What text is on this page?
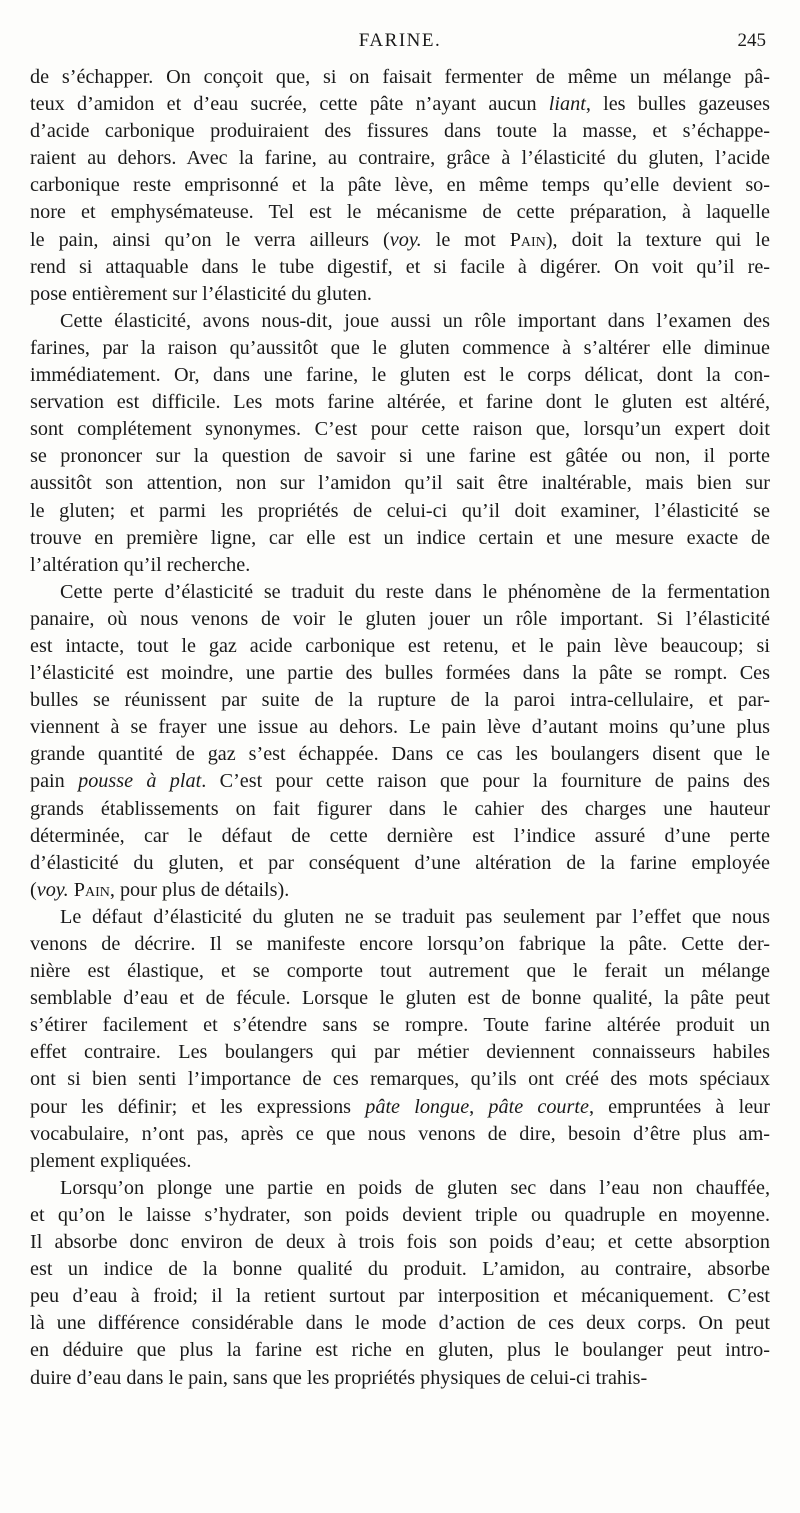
FARINE.	245
de s’échapper. On conçoit que, si on faisait fermenter de même un mélange pâ-
teux d’amidon et d’eau sucrée, cette pâte n’ayant aucun liant, les bulles gazeuses
d’acide carbonique produiraient des fissures dans toute la masse, et s’échappe-
raient au dehors. Avec la farine, au contraire, grâce à l’élasticité du gluten, l’acide
carbonique reste emprisonné et la pâte lève, en même temps qu’elle devient so-
nore et emphysémateuse. Tel est le mécanisme de cette préparation, à laquelle
le pain, ainsi qu’on le verra ailleurs (voy. le mot Pain), doit la texture qui le
rend si attaquable dans le tube digestif, et si facile à digérer. On voit qu’il re-
pose entièrement sur l’élasticité du gluten.
Cette élasticité, avons nous-dit, joue aussi un rôle important dans l’examen des
farines, par la raison qu’aussitôt que le gluten commence à s’altérer elle diminue
immédiatement. Or, dans une farine, le gluten est le corps délicat, dont la con-
servation est difficile. Les mots farine altérée, et farine dont le gluten est altéré,
sont complétement synonymes. C’est pour cette raison que, lorsqu’un expert doit
se prononcer sur la question de savoir si une farine est gâtée ou non, il porte
aussitôt son attention, non sur l’amidon qu’il sait être inaltérable, mais bien sur
le gluten; et parmi les propriétés de celui-ci qu’il doit examiner, l’élasticité se
trouve en première ligne, car elle est un indice certain et une mesure exacte de
l’altération qu’il recherche.
Cette perte d’élasticité se traduit du reste dans le phénomène de la fermentation
panaire, où nous venons de voir le gluten jouer un rôle important. Si l’élasticité
est intacte, tout le gaz acide carbonique est retenu, et le pain lève beaucoup; si
l’élasticité est moindre, une partie des bulles formées dans la pâte se rompt. Ces
bulles se réunissent par suite de la rupture de la paroi intra-cellulaire, et par-
viennent à se frayer une issue au dehors. Le pain lève d’autant moins qu’une plus
grande quantité de gaz s’est échappée. Dans ce cas les boulangers disent que le
pain pousse à plat. C’est pour cette raison que pour la fourniture de pains des
grands établissements on fait figurer dans le cahier des charges une hauteur
déterminée, car le défaut de cette dernière est l’indice assuré d’une perte
d’élasticité du gluten, et par conséquent d’une altération de la farine employée
(voy. Pain, pour plus de détails).
Le défaut d’élasticité du gluten ne se traduit pas seulement par l’effet que nous
venons de décrire. Il se manifeste encore lorsqu’on fabrique la pâte. Cette der-
nière est élastique, et se comporte tout autrement que le ferait un mélange
semblable d’eau et de fécule. Lorsque le gluten est de bonne qualité, la pâte peut
s’étirer facilement et s’étendre sans se rompre. Toute farine altérée produit un
effet contraire. Les boulangers qui par métier deviennent connaisseurs habiles
ont si bien senti l’importance de ces remarques, qu’ils ont créé des mots spéciaux
pour les définir; et les expressions pâte longue, pâte courte, empruntées à leur
vocabulaire, n’ont pas, après ce que nous venons de dire, besoin d’être plus am-
plement expliquées.
Lorsqu’on plonge une partie en poids de gluten sec dans l’eau non chauffée,
et qu’on le laisse s’hydrater, son poids devient triple ou quadruple en moyenne.
Il absorbe donc environ de deux à trois fois son poids d’eau; et cette absorption
est un indice de la bonne qualité du produit. L’amidon, au contraire, absorbe
peu d’eau à froid; il la retient surtout par interposition et mécaniquement. C’est
là une différence considérable dans le mode d’action de ces deux corps. On peut
en déduire que plus la farine est riche en gluten, plus le boulanger peut intro-
duire d’eau dans le pain, sans que les propriétés physiques de celui-ci trahis-
